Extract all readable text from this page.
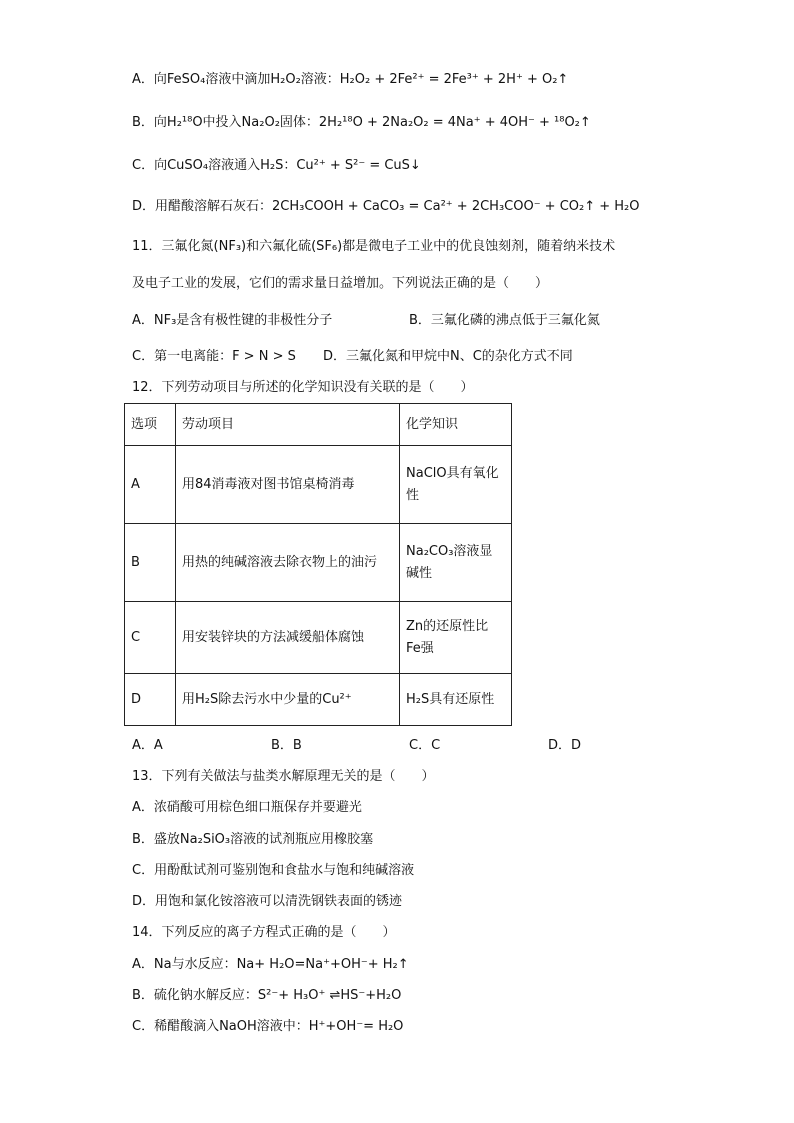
A．向FeSO₄溶液中滴加H₂O₂溶液：H₂O₂ + 2Fe²⁺ = 2Fe³⁺ + 2H⁺ + O₂↑
B．向H₂¹⁸O中投入Na₂O₂固体：2H₂¹⁸O + 2Na₂O₂ = 4Na⁺ + 4OH⁻ + ¹⁸O₂↑
C．向CuSO₄溶液通入H₂S：Cu²⁺ + S²⁻ = CuS↓
D．用醋酸溶解石灰石：2CH₃COOH + CaCO₃ = Ca²⁺ + 2CH₃COO⁻ + CO₂↑ + H₂O
11．三氟化氮(NF₃)和六氟化硫(SF₆)都是微电子工业中的优良蚀刻剂，随着纳米技术
及电子工业的发展，它们的需求量日益增加。下列说法正确的是（　　）
A．NF₃是含有极性键的非极性分子	B．三氟化磷的沸点低于三氟化氮
C．第一电离能：F > N > S D．三氟化氮和甲烷中N、C的杂化方式不同
12．下列劳动项目与所述的化学知识没有关联的是（　　）
选项	劳动项目	化学知识
A	用84消毒液对图书馆桌椅消毒	NaClO具有氧化
性

B	用热的纯碱溶液去除衣物上的油污	Na₂CO₃溶液显
碱性

C	用安装锌块的方法减缓船体腐蚀	Zn的还原性比
Fe强

D	用H₂S除去污水中少量的Cu²⁺	H₂S具有还原性
A．A	B．B	C．C	D．D
13．下列有关做法与盐类水解原理无关的是（　　）
A．浓硝酸可用棕色细口瓶保存并要避光
B．盛放Na₂SiO₃溶液的试剂瓶应用橡胶塞
C．用酚酞试剂可鉴别饱和食盐水与饱和纯碱溶液
D．用饱和氯化铵溶液可以清洗钢铁表面的锈迹
14．下列反应的离子方程式正确的是（　　）
A．Na与水反应：Na+ H₂O=Na⁺+OH⁻+ H₂↑
B．硫化钠水解反应：S²⁻+ H₃O⁺ ⇌HS⁻+H₂O
C．稀醋酸滴入NaOH溶液中：H⁺+OH⁻= H₂O
